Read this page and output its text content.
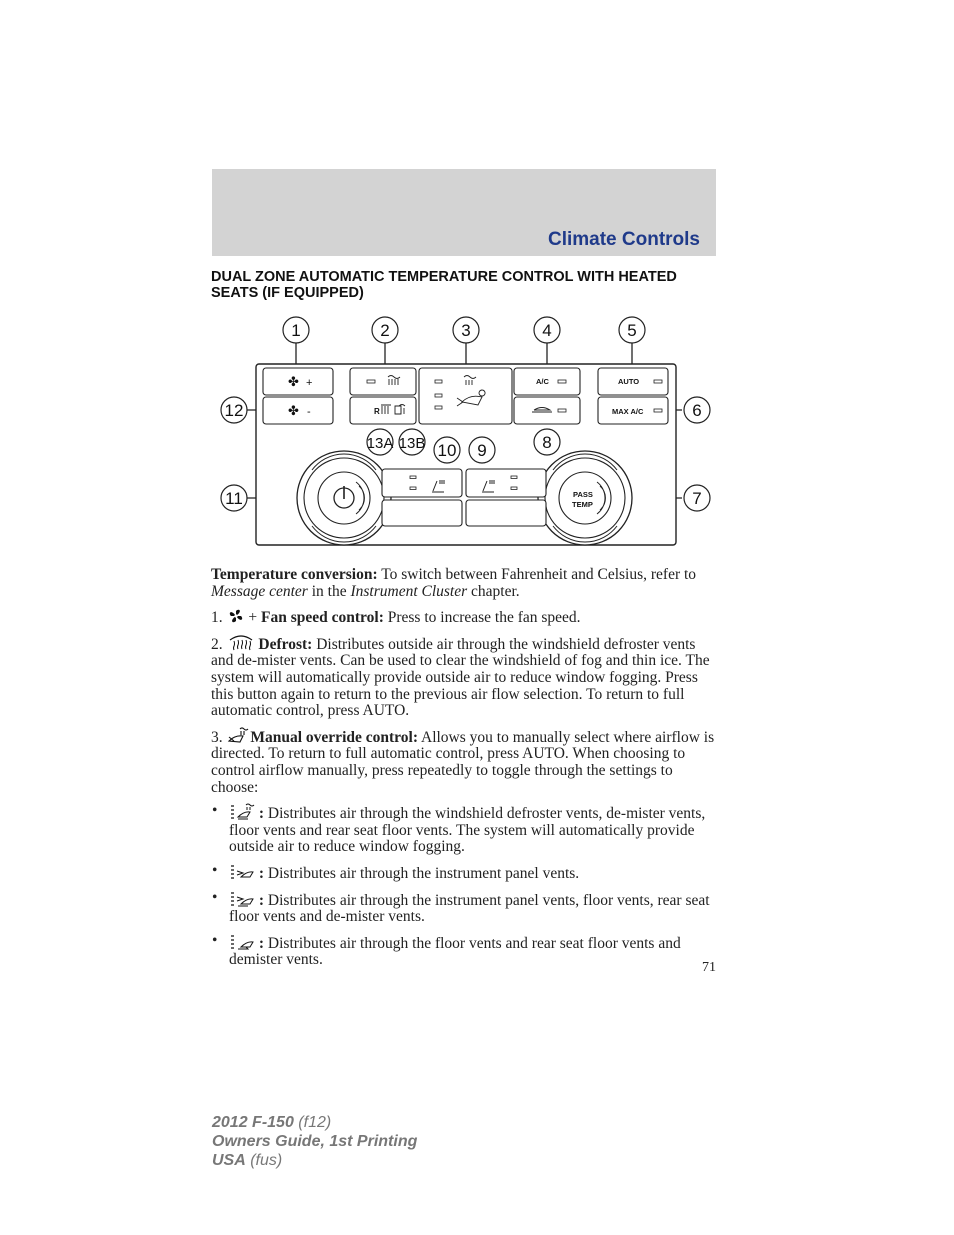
Climate Controls
DUAL ZONE AUTOMATIC TEMPERATURE CONTROL WITH HEATED SEATS (IF EQUIPPED)
✤ +
✤ -	R
A/C	AUTO
MAX A/C
PASS
TEMP
1	2	3	4	5
6
7
8
9
10
11
12
13A 13B

Temperature conversion: To switch between Fahrenheit and Celsius, refer to Message center in the Instrument Cluster chapter.

1. + Fan speed control: Press to increase the fan speed.

2. Defrost: Distributes outside air through the windshield defroster vents and de-mister vents. Can be used to clear the windshield of fog and thin ice. The system will automatically provide outside air to reduce window fogging. Press this button again to return to the previous air flow selection. To return to full automatic control, press AUTO.

3. Manual override control: Allows you to manually select where airflow is directed. To return to full automatic control, press AUTO. When choosing to control airflow manually, press repeatedly to toggle through the settings to choose:

•	: Distributes air through the windshield defroster vents, de-mister vents, floor vents and rear seat floor vents. The system will automatically provide outside air to reduce window fogging.
•	: Distributes air through the instrument panel vents.
•	: Distributes air through the instrument panel vents, floor vents, rear seat floor vents and de-mister vents.
•	: Distributes air through the floor vents and rear seat floor vents and demister vents.	71
2012 F-150 (f12)
Owners Guide, 1st Printing
USA (fus)
